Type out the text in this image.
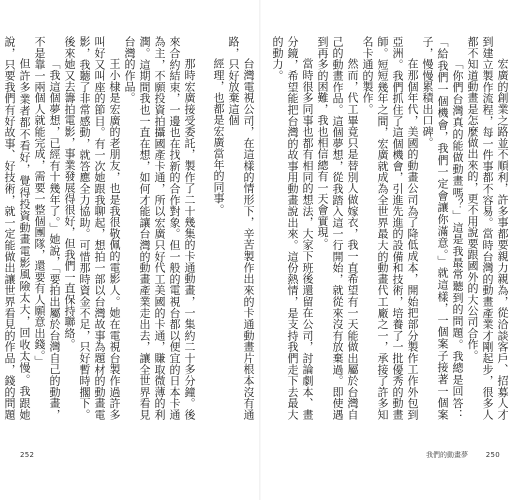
台灣電視公司，在這樣的情形下，辛苦製作出來的卡通動畫片根本沒有通路，只好放棄這個

經理，也都是宏廣當年的同事。

那時宏廣接受委託，製作了二十幾集的卡通動畫，一集約二十多分鐘。後來合約結束，一邊也在找新的合作對象。但一般的電視台都以便宜的日本卡通為主，不願投資拍攝國產卡通，所以宏廣只好代工美國的卡通，賺取微薄的利潤。這期間我也一直在想，如何才能讓台灣的動畫產業走出去，讓全世界看見台灣的作品。

王小棣是宏廣的老朋友，也是我很敬佩的電影人。她在電視台製作過許多叫好又叫座的節目。有一次她跟我聊起，想拍一部以台灣故事為題材的動畫電影，我聽了非常感動，就答應全力協助。可惜那時資金不足，只好暫時擱下。後來她又去籌拍電影，事業發展得很好，但我們一直保持聯絡。

「我這個夢想，已經有十幾年了。」她說，「要拍出屬於台灣自己的動畫，不是靠一兩個人就能完成，需要一整個團隊，還要有人願意出錢。」

但許多業者都不看好，覺得投資動畫電影風險太大，回收太慢。我跟她說，只要我們有好故事、好技術，就一定能做出讓世界看見的作品，錢的問題	宏廣的創業之路並不順利，許多事都要親力親為，從洽談客戶、招募人才到建立製作流程，每一件事都不容易。當時台灣的動畫產業才剛起步，很多人都不知道動畫是怎麼做出來的，更不用說要跟國外的大公司合作。

「你們台灣真的能做動畫嗎？」這是我最常聽到的問題。我總是回答：「給我們一個機會，我們一定會讓你滿意。」就這樣，一個案子接著一個案子，慢慢累積出口碑。

在那個年代，美國的動畫公司為了降低成本，開始把部分製作工作外包到亞洲。我們抓住了這個機會，引進先進的設備和技術，培養了一批優秀的動畫師。短短幾年之間，宏廣就成為全世界最大的動畫代工廠之一，承接了許多知名卡通的製作。

然而，代工畢竟只是替別人做嫁衣，我一直希望有一天能做出屬於台灣自己的動畫作品。這個夢想，從我踏入這一行開始，就從來沒有放棄過。即使遇到再多的困難，我也相信總有一天會實現。

當時很多同事也都有相同的想法，大家下班後還留在公司，討論劇本、畫分鏡，希望能把台灣的故事用動畫說出來。這份熱情，是支持我們走下去最大的動力。

252	我們的動畫夢	250
